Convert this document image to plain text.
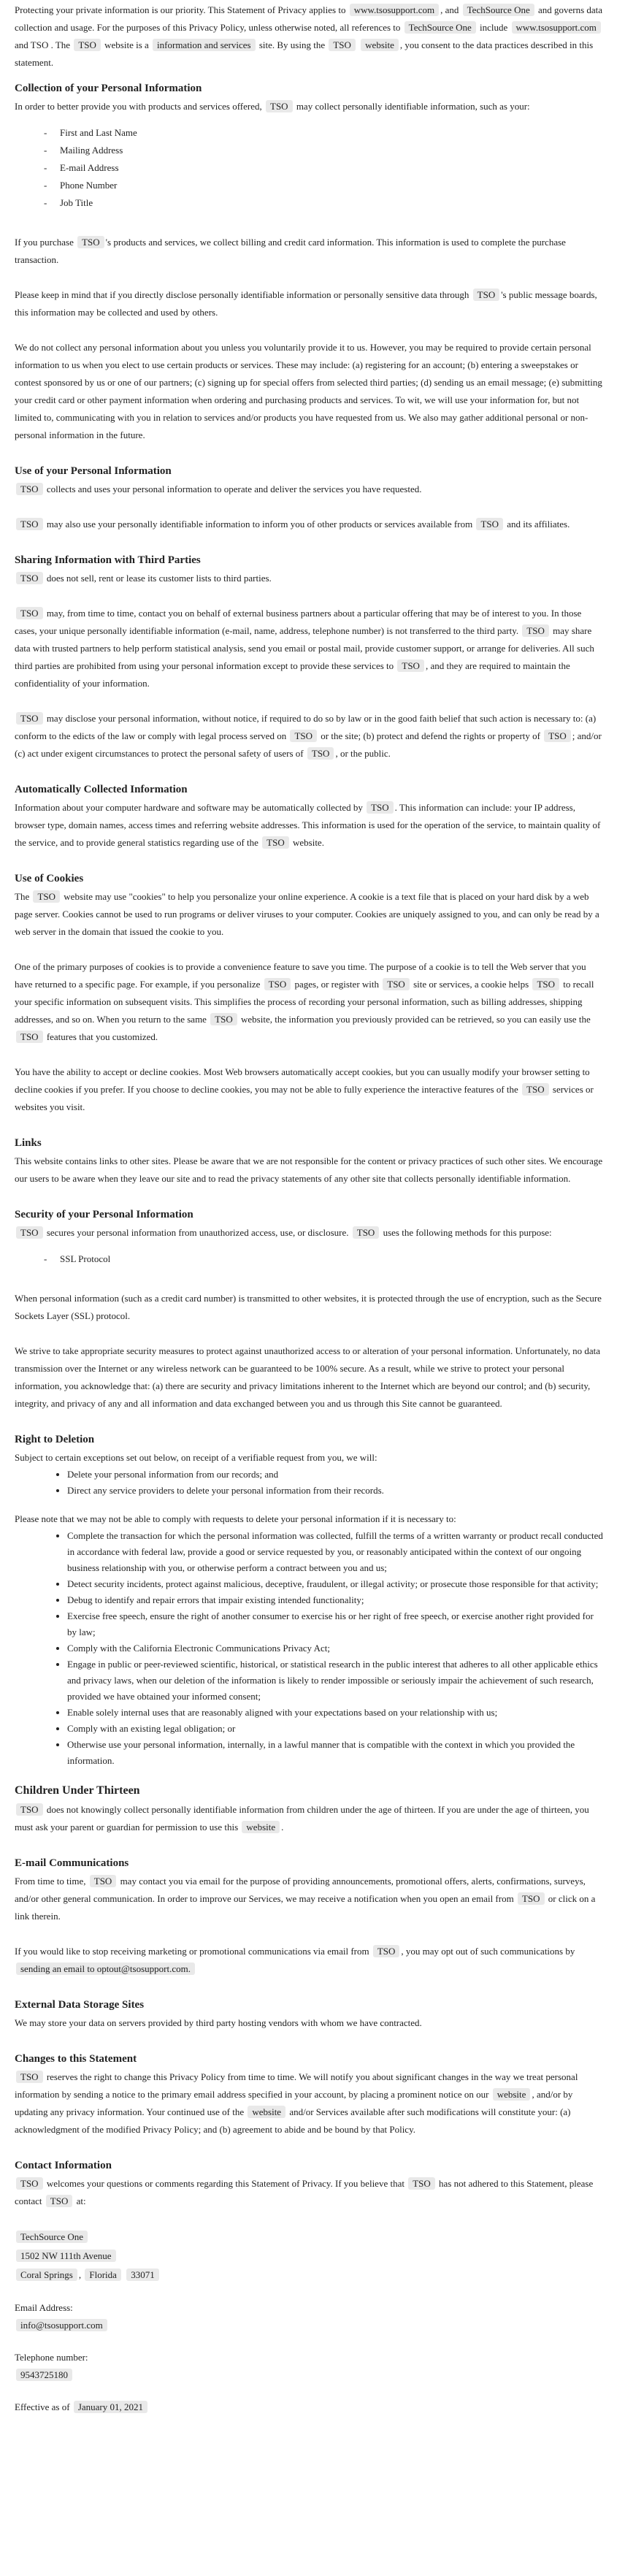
Protecting your private information is our priority. This Statement of Privacy applies to www.tsosupport.com , and TechSource One and governs data collection and usage. For the purposes of this Privacy Policy, unless otherwise noted, all references to TechSource One include www.tsosupport.com and TSO . The TSO website is a information and services site. By using the TSO website , you consent to the data practices described in this statement.

Collection of your Personal Information

In order to better provide you with products and services offered, TSO may collect personally identifiable information, such as your:

- First and Last Name
- Mailing Address
- E-mail Address
- Phone Number
- Job Title

If you purchase TSO 's products and services, we collect billing and credit card information. This information is used to complete the purchase transaction.

Please keep in mind that if you directly disclose personally identifiable information or personally sensitive data through TSO 's public message boards, this information may be collected and used by others.

We do not collect any personal information about you unless you voluntarily provide it to us. However, you may be required to provide certain personal information to us when you elect to use certain products or services. These may include: (a) registering for an account; (b) entering a sweepstakes or contest sponsored by us or one of our partners; (c) signing up for special offers from selected third parties; (d) sending us an email message; (e) submitting your credit card or other payment information when ordering and purchasing products and services. To wit, we will use your information for, but not limited to, communicating with you in relation to services and/or products you have requested from us. We also may gather additional personal or non-personal information in the future.

Use of your Personal Information

TSO collects and uses your personal information to operate and deliver the services you have requested.

TSO may also use your personally identifiable information to inform you of other products or services available from TSO and its affiliates.

Sharing Information with Third Parties

TSO does not sell, rent or lease its customer lists to third parties.

TSO may, from time to time, contact you on behalf of external business partners about a particular offering that may be of interest to you. In those cases, your unique personally identifiable information (e-mail, name, address, telephone number) is not transferred to the third party. TSO may share data with trusted partners to help perform statistical analysis, send you email or postal mail, provide customer support, or arrange for deliveries. All such third parties are prohibited from using your personal information except to provide these services to TSO , and they are required to maintain the confidentiality of your information.

TSO may disclose your personal information, without notice, if required to do so by law or in the good faith belief that such action is necessary to: (a) conform to the edicts of the law or comply with legal process served on TSO or the site; (b) protect and defend the rights or property of TSO ; and/or (c) act under exigent circumstances to protect the personal safety of users of TSO , or the public.

Automatically Collected Information

Information about your computer hardware and software may be automatically collected by TSO . This information can include: your IP address, browser type, domain names, access times and referring website addresses. This information is used for the operation of the service, to maintain quality of the service, and to provide general statistics regarding use of the TSO website.

Use of Cookies

The TSO website may use "cookies" to help you personalize your online experience. A cookie is a text file that is placed on your hard disk by a web page server. Cookies cannot be used to run programs or deliver viruses to your computer. Cookies are uniquely assigned to you, and can only be read by a web server in the domain that issued the cookie to you.

One of the primary purposes of cookies is to provide a convenience feature to save you time. The purpose of a cookie is to tell the Web server that you have returned to a specific page. For example, if you personalize TSO pages, or register with TSO site or services, a cookie helps TSO to recall your specific information on subsequent visits. This simplifies the process of recording your personal information, such as billing addresses, shipping addresses, and so on. When you return to the same TSO website, the information you previously provided can be retrieved, so you can easily use the TSO features that you customized.

You have the ability to accept or decline cookies. Most Web browsers automatically accept cookies, but you can usually modify your browser setting to decline cookies if you prefer. If you choose to decline cookies, you may not be able to fully experience the interactive features of the TSO services or websites you visit.

Links

This website contains links to other sites. Please be aware that we are not responsible for the content or privacy practices of such other sites. We encourage our users to be aware when they leave our site and to read the privacy statements of any other site that collects personally identifiable information.

Security of your Personal Information

TSO secures your personal information from unauthorized access, use, or disclosure. TSO uses the following methods for this purpose:

- SSL Protocol

When personal information (such as a credit card number) is transmitted to other websites, it is protected through the use of encryption, such as the Secure Sockets Layer (SSL) protocol.

We strive to take appropriate security measures to protect against unauthorized access to or alteration of your personal information. Unfortunately, no data transmission over the Internet or any wireless network can be guaranteed to be 100% secure. As a result, while we strive to protect your personal information, you acknowledge that: (a) there are security and privacy limitations inherent to the Internet which are beyond our control; and (b) security, integrity, and privacy of any and all information and data exchanged between you and us through this Site cannot be guaranteed.

Right to Deletion

Subject to certain exceptions set out below, on receipt of a verifiable request from you, we will:

• Delete your personal information from our records; and
• Direct any service providers to delete your personal information from their records.

Please note that we may not be able to comply with requests to delete your personal information if it is necessary to:

• Complete the transaction for which the personal information was collected, fulfill the terms of a written warranty or product recall conducted in accordance with federal law, provide a good or service requested by you, or reasonably anticipated within the context of our ongoing business relationship with you, or otherwise perform a contract between you and us;
• Detect security incidents, protect against malicious, deceptive, fraudulent, or illegal activity; or prosecute those responsible for that activity;
• Debug to identify and repair errors that impair existing intended functionality;
• Exercise free speech, ensure the right of another consumer to exercise his or her right of free speech, or exercise another right provided for by law;
• Comply with the California Electronic Communications Privacy Act;
• Engage in public or peer-reviewed scientific, historical, or statistical research in the public interest that adheres to all other applicable ethics and privacy laws, when our deletion of the information is likely to render impossible or seriously impair the achievement of such research, provided we have obtained your informed consent;
• Enable solely internal uses that are reasonably aligned with your expectations based on your relationship with us;
• Comply with an existing legal obligation; or
• Otherwise use your personal information, internally, in a lawful manner that is compatible with the context in which you provided the information.
Children Under Thirteen

TSO does not knowingly collect personally identifiable information from children under the age of thirteen. If you are under the age of thirteen, you must ask your parent or guardian for permission to use this website .

E-mail Communications

From time to time, TSO may contact you via email for the purpose of providing announcements, promotional offers, alerts, confirmations, surveys, and/or other general communication. In order to improve our Services, we may receive a notification when you open an email from TSO or click on a link therein.

If you would like to stop receiving marketing or promotional communications via email from TSO , you may opt out of such communications by sending an email to optout@tsosupport.com.

External Data Storage Sites

We may store your data on servers provided by third party hosting vendors with whom we have contracted.

Changes to this Statement

TSO reserves the right to change this Privacy Policy from time to time. We will notify you about significant changes in the way we treat personal information by sending a notice to the primary email address specified in your account, by placing a prominent notice on our website , and/or by updating any privacy information. Your continued use of the website and/or Services available after such modifications will constitute your: (a) acknowledgment of the modified Privacy Policy; and (b) agreement to abide and be bound by that Policy.

Contact Information

TSO welcomes your questions or comments regarding this Statement of Privacy. If you believe that TSO has not adhered to this Statement, please contact TSO at:

TechSource One
1502 NW 111th Avenue
Coral Springs , Florida 33071
Email Address:
info@tsosupport.com
Telephone number:
9543725180
Effective as of January 01, 2021
